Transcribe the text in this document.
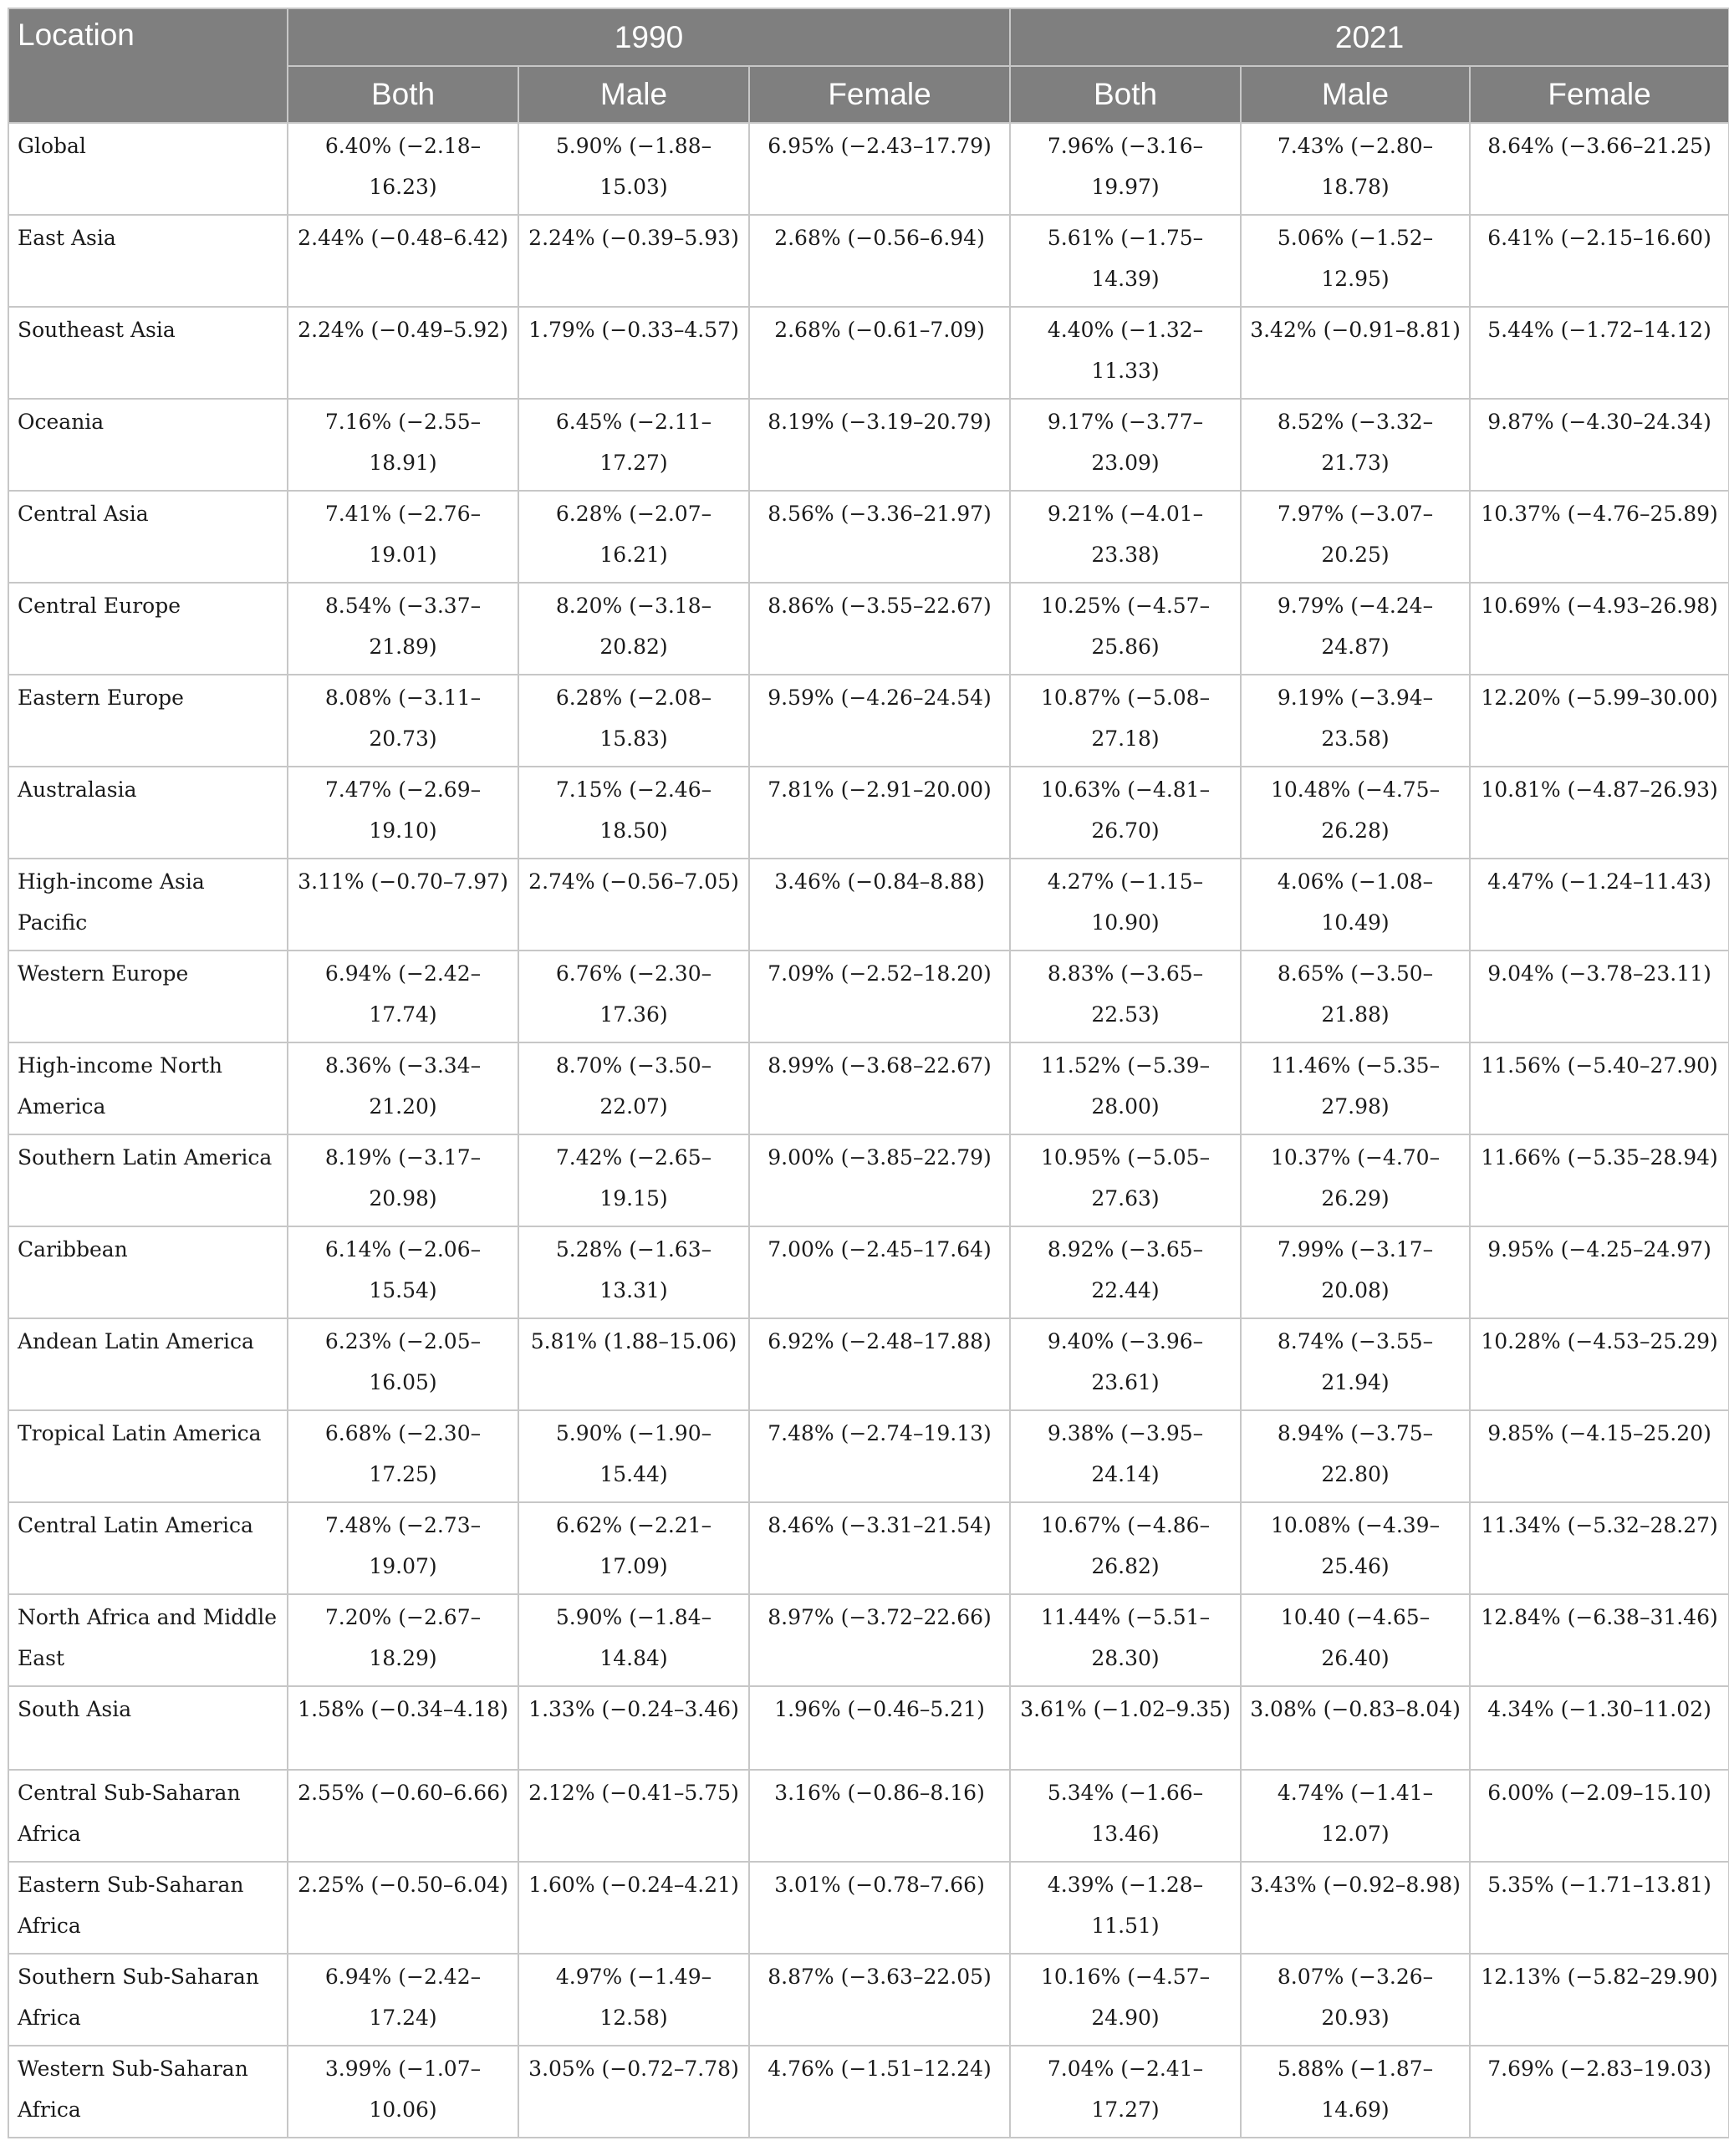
Location	1990			2021		
	Both	Male	Female	Both	Male	Female
Global	6.40% (−2.18–16.23)	5.90% (−1.88–15.03)	6.95% (−2.43–17.79)	7.96% (−3.16–19.97)	7.43% (−2.80–18.78)	8.64% (−3.66–21.25)
East Asia	2.44% (−0.48–6.42)	2.24% (−0.39–5.93)	2.68% (−0.56–6.94)	5.61% (−1.75–14.39)	5.06% (−1.52–12.95)	6.41% (−2.15–16.60)
Southeast Asia	2.24% (−0.49–5.92)	1.79% (−0.33–4.57)	2.68% (−0.61–7.09)	4.40% (−1.32–11.33)	3.42% (−0.91–8.81)	5.44% (−1.72–14.12)
Oceania	7.16% (−2.55–18.91)	6.45% (−2.11–17.27)	8.19% (−3.19–20.79)	9.17% (−3.77–23.09)	8.52% (−3.32–21.73)	9.87% (−4.30–24.34)
Central Asia	7.41% (−2.76–19.01)	6.28% (−2.07–16.21)	8.56% (−3.36–21.97)	9.21% (−4.01–23.38)	7.97% (−3.07–20.25)	10.37% (−4.76–25.89)
Central Europe	8.54% (−3.37–21.89)	8.20% (−3.18–20.82)	8.86% (−3.55–22.67)	10.25% (−4.57–25.86)	9.79% (−4.24–24.87)	10.69% (−4.93–26.98)
Eastern Europe	8.08% (−3.11–20.73)	6.28% (−2.08–15.83)	9.59% (−4.26–24.54)	10.87% (−5.08–27.18)	9.19% (−3.94–23.58)	12.20% (−5.99–30.00)
Australasia	7.47% (−2.69–19.10)	7.15% (−2.46–18.50)	7.81% (−2.91–20.00)	10.63% (−4.81–26.70)	10.48% (−4.75–26.28)	10.81% (−4.87–26.93)
High-income Asia Pacific	3.11% (−0.70–7.97)	2.74% (−0.56–7.05)	3.46% (−0.84–8.88)	4.27% (−1.15–10.90)	4.06% (−1.08–10.49)	4.47% (−1.24–11.43)
Western Europe	6.94% (−2.42–17.74)	6.76% (−2.30–17.36)	7.09% (−2.52–18.20)	8.83% (−3.65–22.53)	8.65% (−3.50–21.88)	9.04% (−3.78–23.11)
High-income North America	8.36% (−3.34–21.20)	8.70% (−3.50–22.07)	8.99% (−3.68–22.67)	11.52% (−5.39–28.00)	11.46% (−5.35–27.98)	11.56% (−5.40–27.90)
Southern Latin America	8.19% (−3.17–20.98)	7.42% (−2.65–19.15)	9.00% (−3.85–22.79)	10.95% (−5.05–27.63)	10.37% (−4.70–26.29)	11.66% (−5.35–28.94)
Caribbean	6.14% (−2.06–15.54)	5.28% (−1.63–13.31)	7.00% (−2.45–17.64)	8.92% (−3.65–22.44)	7.99% (−3.17–20.08)	9.95% (−4.25–24.97)
Andean Latin America	6.23% (−2.05–16.05)	5.81% (1.88–15.06)	6.92% (−2.48–17.88)	9.40% (−3.96–23.61)	8.74% (−3.55–21.94)	10.28% (−4.53–25.29)
Tropical Latin America	6.68% (−2.30–17.25)	5.90% (−1.90–15.44)	7.48% (−2.74–19.13)	9.38% (−3.95–24.14)	8.94% (−3.75–22.80)	9.85% (−4.15–25.20)
Central Latin America	7.48% (−2.73–19.07)	6.62% (−2.21–17.09)	8.46% (−3.31–21.54)	10.67% (−4.86–26.82)	10.08% (−4.39–25.46)	11.34% (−5.32–28.27)
North Africa and Middle East	7.20% (−2.67–18.29)	5.90% (−1.84–14.84)	8.97% (−3.72–22.66)	11.44% (−5.51–28.30)	10.40 (−4.65–26.40)	12.84% (−6.38–31.46)
South Asia	1.58% (−0.34–4.18)	1.33% (−0.24–3.46)	1.96% (−0.46–5.21)	3.61% (−1.02–9.35)	3.08% (−0.83–8.04)	4.34% (−1.30–11.02)
Central Sub-Saharan Africa	2.55% (−0.60–6.66)	2.12% (−0.41–5.75)	3.16% (−0.86–8.16)	5.34% (−1.66–13.46)	4.74% (−1.41–12.07)	6.00% (−2.09–15.10)
Eastern Sub-Saharan Africa	2.25% (−0.50–6.04)	1.60% (−0.24–4.21)	3.01% (−0.78–7.66)	4.39% (−1.28–11.51)	3.43% (−0.92–8.98)	5.35% (−1.71–13.81)
Southern Sub-Saharan Africa	6.94% (−2.42–17.24)	4.97% (−1.49–12.58)	8.87% (−3.63–22.05)	10.16% (−4.57–24.90)	8.07% (−3.26–20.93)	12.13% (−5.82–29.90)
Western Sub-Saharan Africa	3.99% (−1.07–10.06)	3.05% (−0.72–7.78)	4.76% (−1.51–12.24)	7.04% (−2.41–17.27)	5.88% (−1.87–14.69)	7.69% (−2.83–19.03)
